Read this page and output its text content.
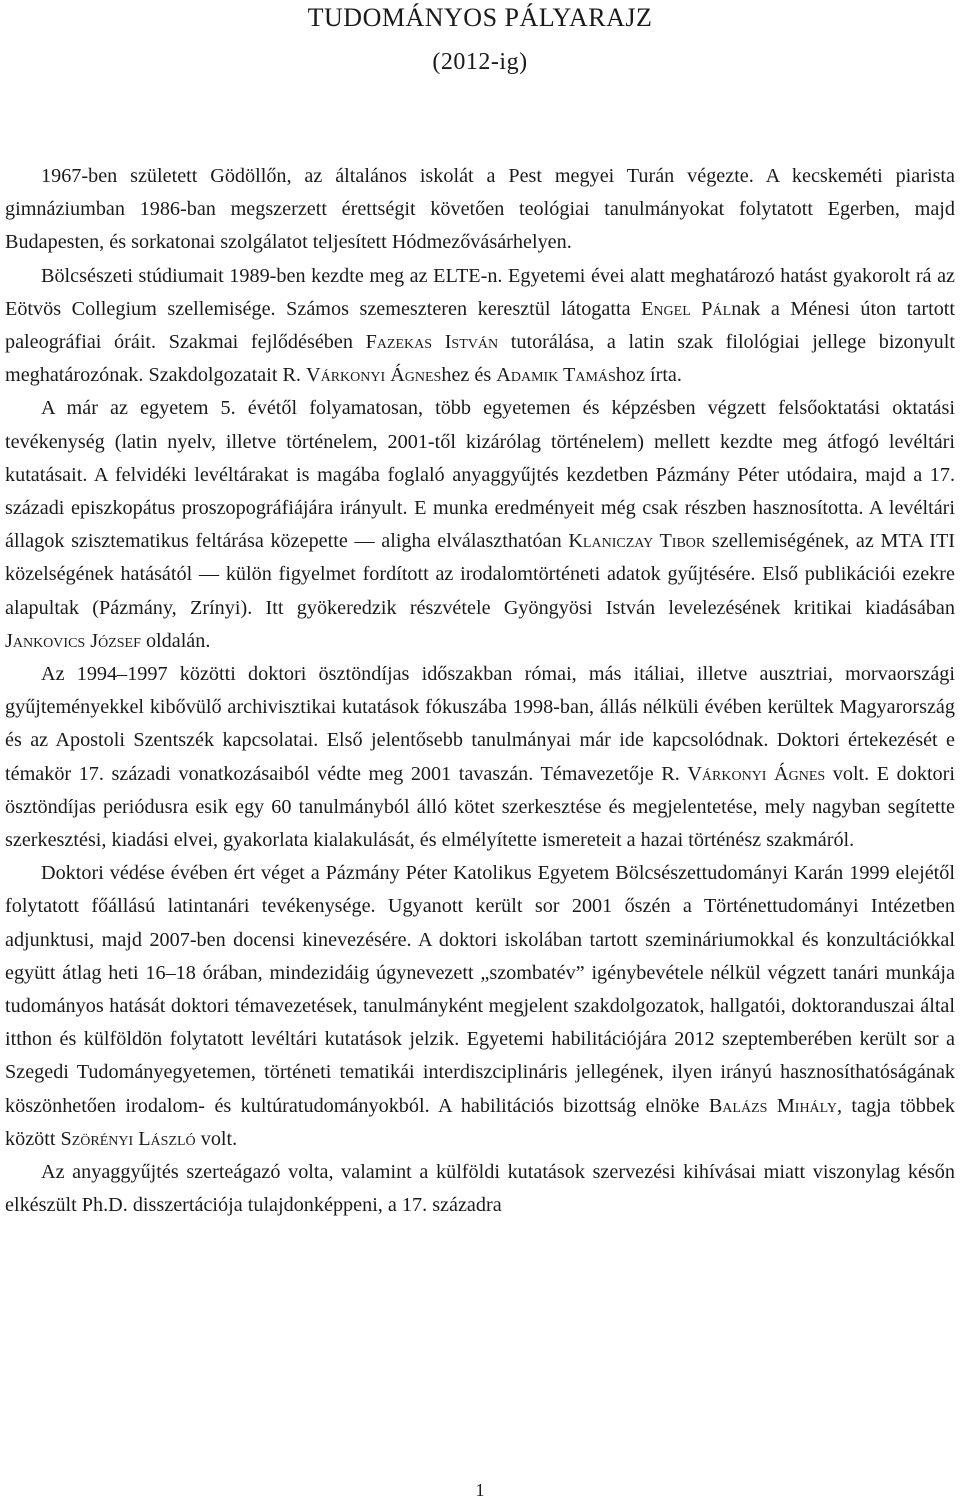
TUDOMÁNYOS PÁLYARAJZ
(2012-ig)

1967-ben született Gödöllőn, az általános iskolát a Pest megyei Turán végezte. A kecskeméti piarista gimnáziumban 1986-ban megszerzett érettségit követően teológiai tanulmányokat folytatott Egerben, majd Budapesten, és sorkatonai szolgálatot teljesített Hódmezővásárhelyen.

Bölcsészeti stúdiumait 1989-ben kezdte meg az ELTE-n. Egyetemi évei alatt meghatározó hatást gyakorolt rá az Eötvös Collegium szellemisége. Számos szemeszteren keresztül látogatta Engel Pálnak a Ménesi úton tartott paleográfiai óráit. Szakmai fejlődésében Fazekas István tutorálása, a latin szak filológiai jellege bizonyult meghatározónak. Szakdolgozatait R. Várkonyi Ágneshez és Adamik Tamáshoz írta.

A már az egyetem 5. évétől folyamatosan, több egyetemen és képzésben végzett felsőoktatási oktatási tevékenység (latin nyelv, illetve történelem, 2001-től kizárólag történelem) mellett kezdte meg átfogó levéltári kutatásait. A felvidéki levéltárakat is magába foglaló anyaggyűjtés kezdetben Pázmány Péter utódaira, majd a 17. századi episzkopátus proszopográfiájára irányult. E munka eredményeit még csak részben hasznosította. A levéltári állagok szisztematikus feltárása közepette — aligha elválaszthatóan Klaniczay Tibor szellemiségének, az MTA ITI közelségének hatásától — külön figyelmet fordított az irodalomtörténeti adatok gyűjtésére. Első publikációi ezekre alapultak (Pázmány, Zrínyi). Itt gyökeredzik részvétele Gyöngyösi István levelezésének kritikai kiadásában Jankovics József oldalán.

Az 1994–1997 közötti doktori ösztöndíjas időszakban római, más itáliai, illetve ausztriai, morvaországi gyűjteményekkel kibővülő archivisztikai kutatások fókuszába 1998-ban, állás nélküli évében kerültek Magyarország és az Apostoli Szentszék kapcsolatai. Első jelentősebb tanulmányai már ide kapcsolódnak. Doktori értekezését e témakör 17. századi vonatkozásaiból védte meg 2001 tavaszán. Témavezetője R. Várkonyi Ágnes volt. E doktori ösztöndíjas periódusra esik egy 60 tanulmányból álló kötet szerkesztése és megjelentetése, mely nagyban segítette szerkesztési, kiadási elvei, gyakorlata kialakulását, és elmélyítette ismereteit a hazai történész szakmáról.

Doktori védése évében ért véget a Pázmány Péter Katolikus Egyetem Bölcsészettudományi Karán 1999 elejétől folytatott főállású latintanári tevékenysége. Ugyanott került sor 2001 őszén a Történettudományi Intézetben adjunktusi, majd 2007-ben docensi kinevezésére. A doktori iskolában tartott szemináriumokkal és konzultációkkal együtt átlag heti 16–18 órában, mindezidáig úgynevezett „szombatév” igénybevétele nélkül végzett tanári munkája tudományos hatását doktori témavezetések, tanulmányként megjelent szakdolgozatok, hallgatói, doktoranduszai által itthon és külföldön folytatott levéltári kutatások jelzik. Egyetemi habilitációjára 2012 szeptemberében került sor a Szegedi Tudományegyetemen, történeti tematikái interdiszciplináris jellegének, ilyen irányú hasznosíthatóságának köszönhetően irodalom- és kultúratudományokból. A habilitációs bizottság elnöke Balázs Mihály, tagja többek között Szörényi László volt.

Az anyaggyűjtés szerteágazó volta, valamint a külföldi kutatások szervezési kihívásai miatt viszonylag későn elkészült Ph.D. disszertációja tulajdonképpeni, a 17. századra

1
